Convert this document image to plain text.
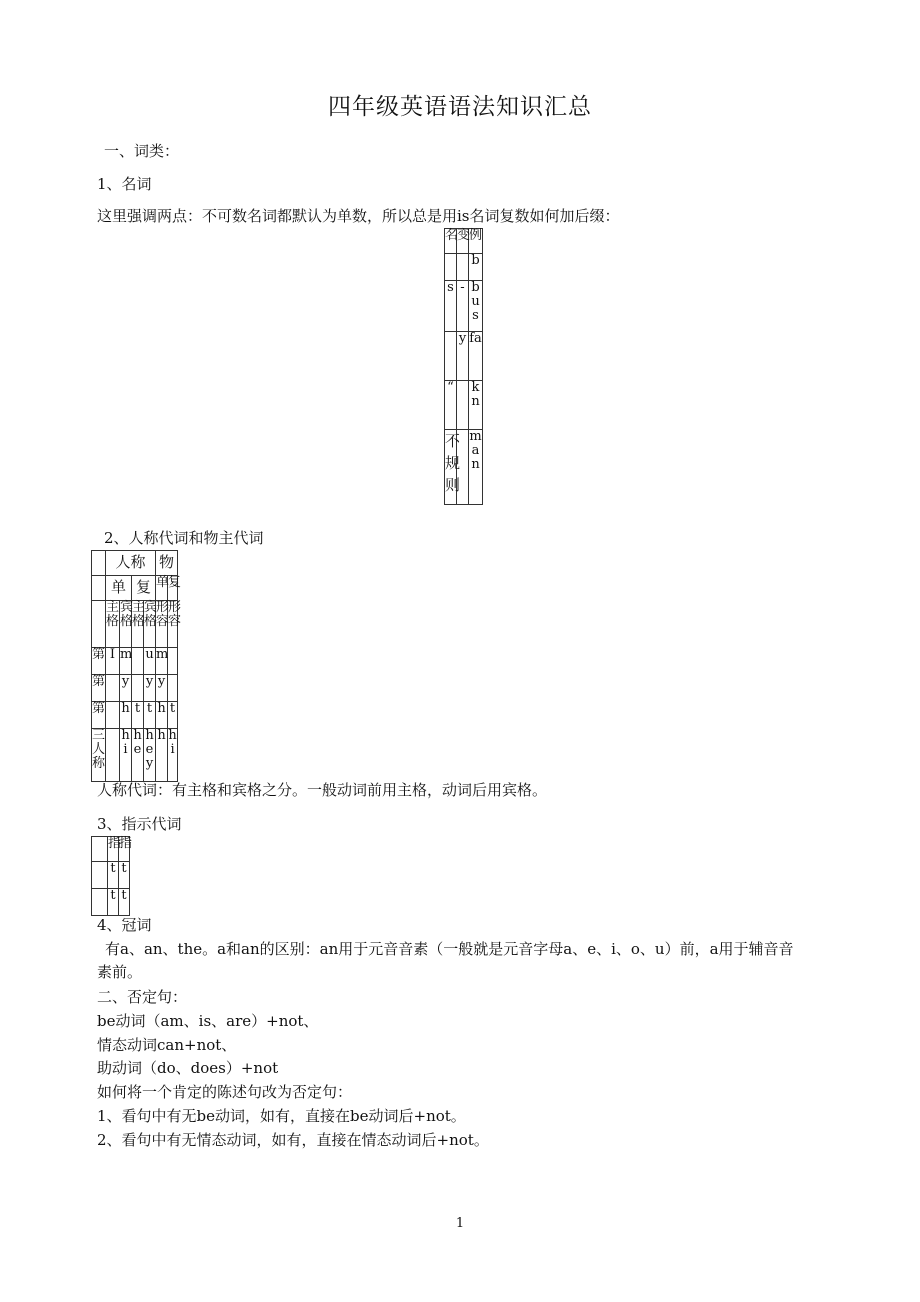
四年级英语语法知识汇总
一、词类：
1、名词
这里强调两点：不可数名词都默认为单数，所以总是用is名词复数如何加后缀：
名	变	例

		b

s	-	bus

	y	fa

“		kn

不规则		man
2、人称代词和物主代词

	人称				物	

	单		复		单	复

	主格	宾格	主格	宾格	形容	形容

第	I	m		u	m	

第		y		y	y	

第		h	t	t	h	t

三人称		hi	he	hey	h	hi
人称代词：有主格和宾格之分。一般动词前用主格，动词后用宾格。
3、指示代词

	指	指

	t	t

	t	t
4、冠词
有a、an、the。a和an的区别：an用于元音音素（一般就是元音字母a、e、i、o、u）前，a用于辅音音
素前。
二、否定句：
be动词（am、is、are）+not、
情态动词can+not、
助动词（do、does）+not
如何将一个肯定的陈述句改为否定句：
1、看句中有无be动词，如有，直接在be动词后+not。
2、看句中有无情态动词，如有，直接在情态动词后+not。
1
